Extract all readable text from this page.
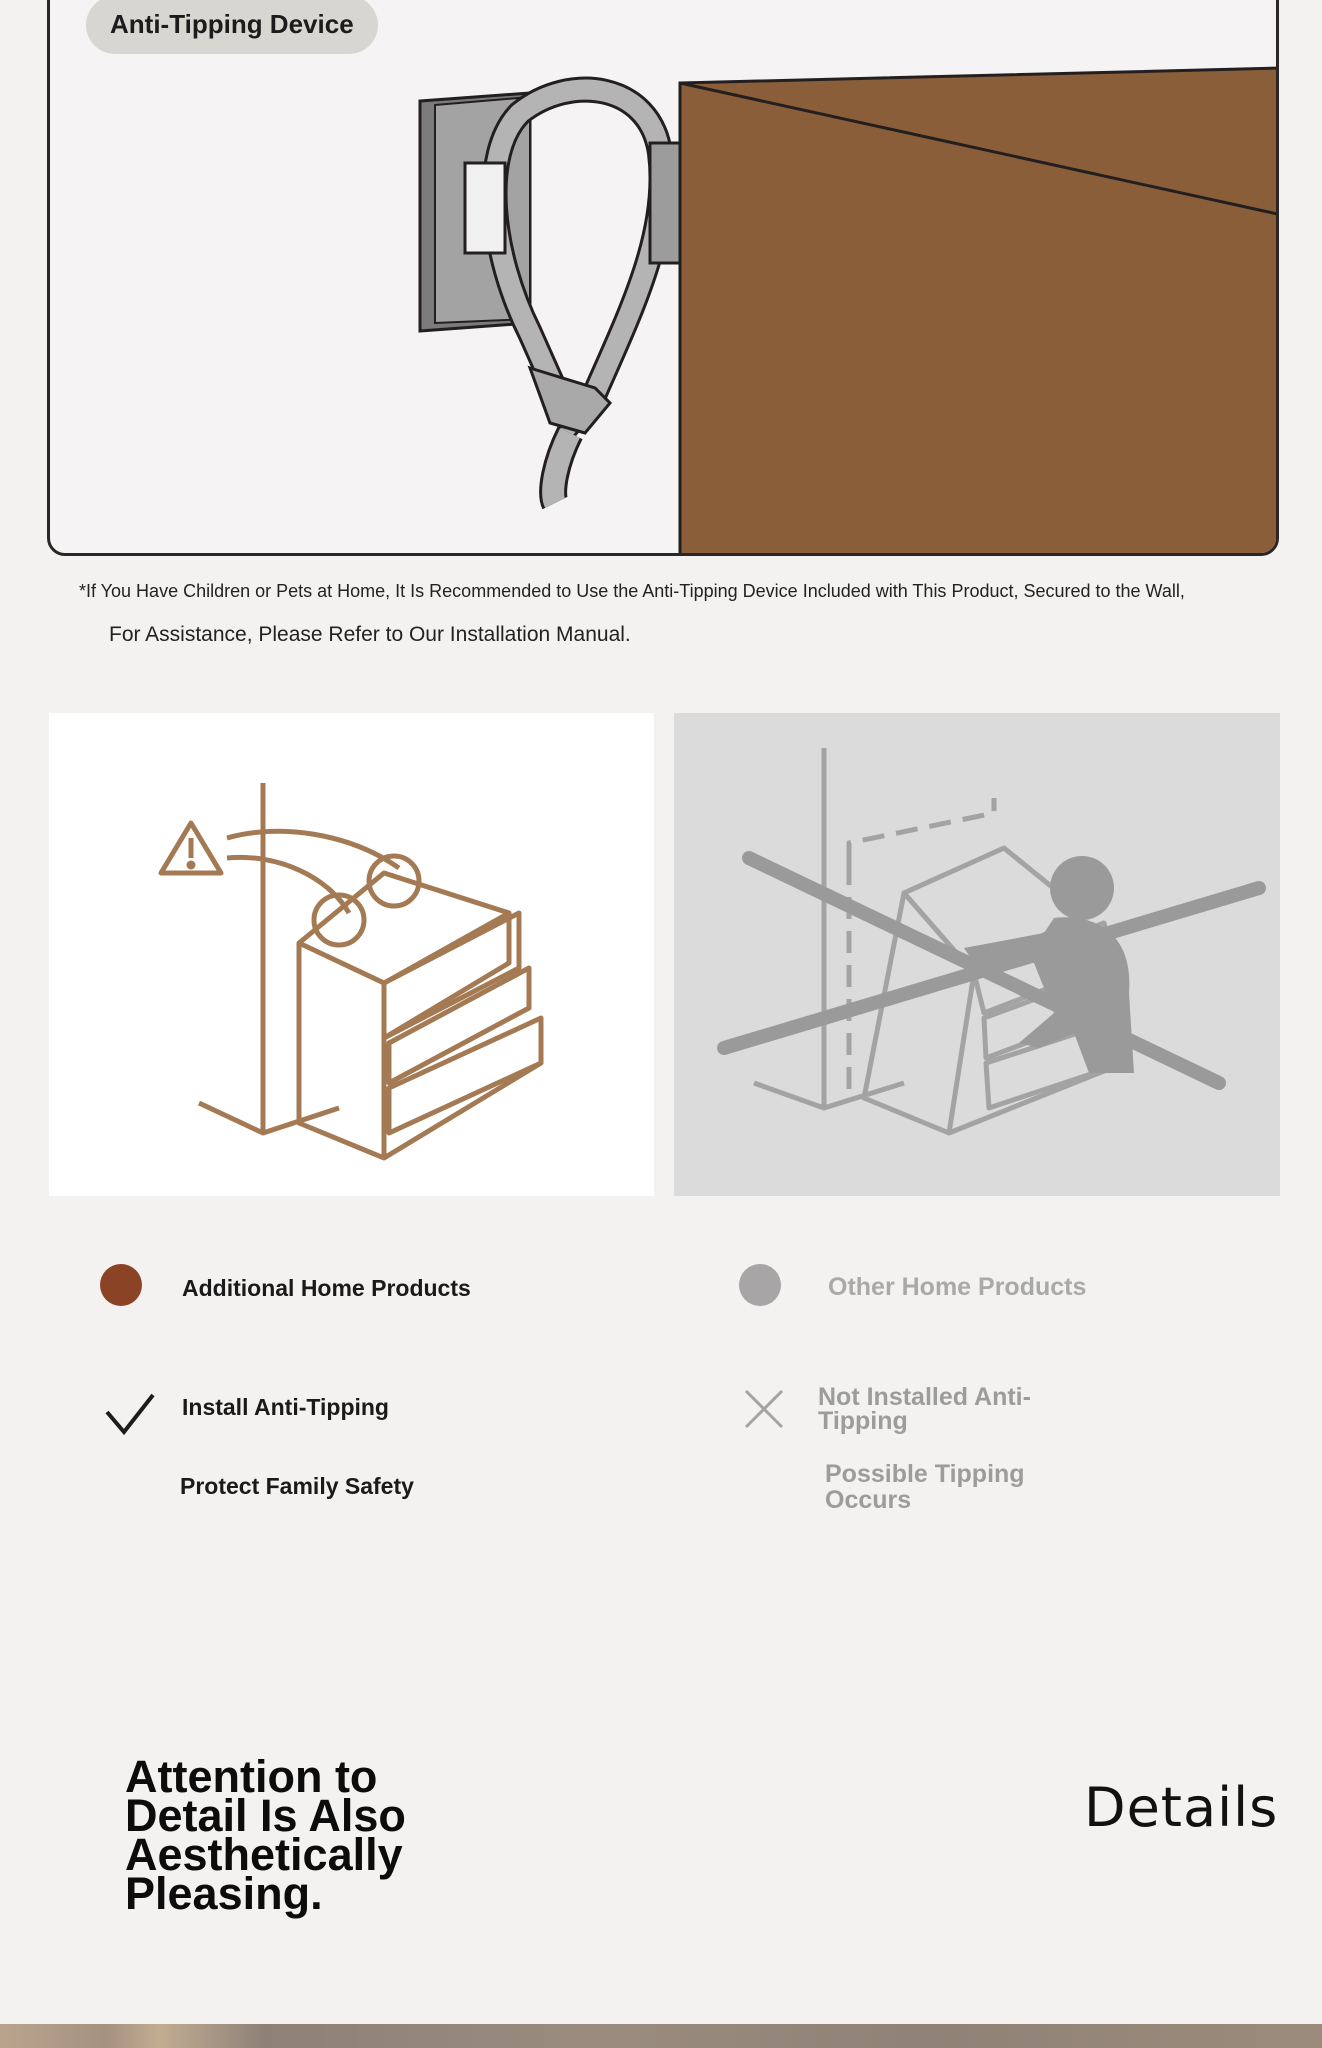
Anti-Tipping Device
*If You Have Children or Pets at Home, It Is Recommended to Use the Anti-Tipping Device Included with This Product, Secured to the Wall,
For Assistance, Please Refer to Our Installation Manual.
Additional Home Products	Other Home Products
Install Anti-Tipping
Protect Family Safety
Not Installed Anti-Tipping
Possible Tipping Occurs
Attention to Detail Is Also Aesthetically Pleasing.
Details
